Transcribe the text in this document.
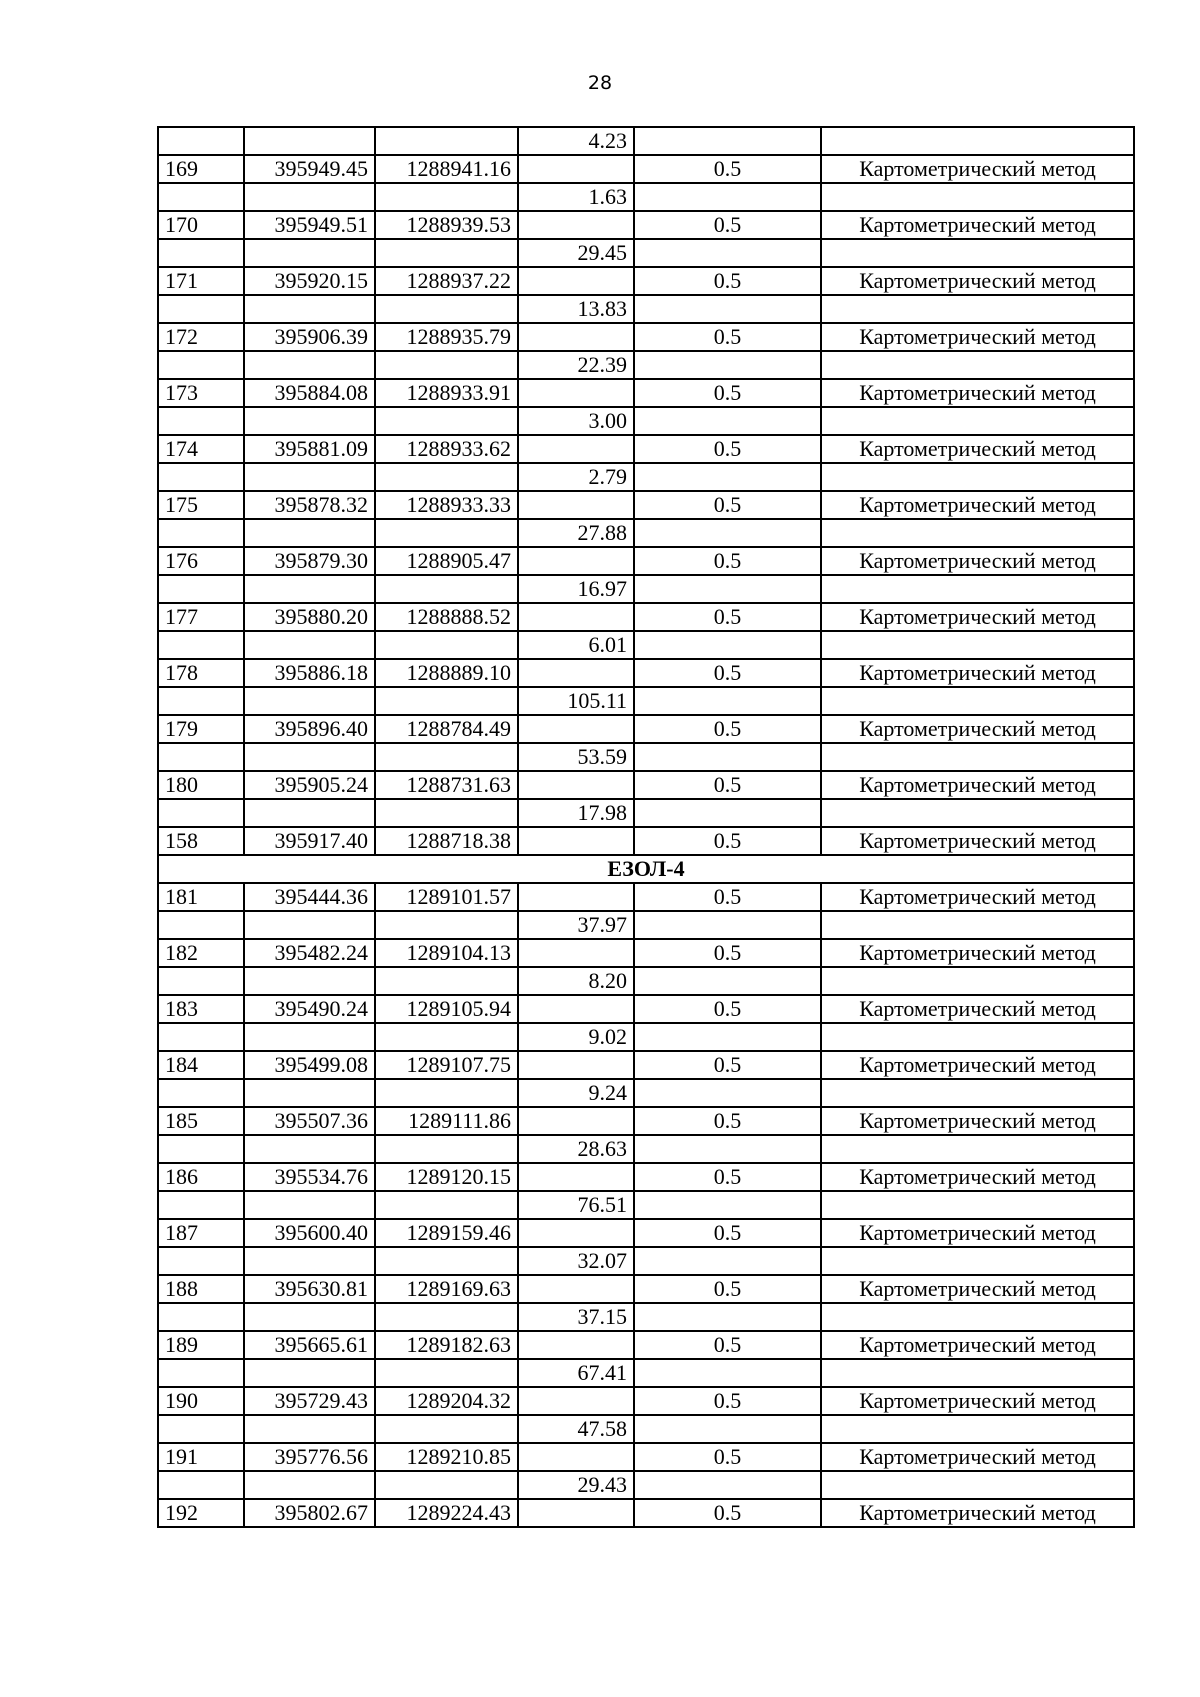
28
			4.23		
169	395949.45	1288941.16		0.5	Картометрический метод
			1.63		
170	395949.51	1288939.53		0.5	Картометрический метод
			29.45		
171	395920.15	1288937.22		0.5	Картометрический метод
			13.83		
172	395906.39	1288935.79		0.5	Картометрический метод
			22.39		
173	395884.08	1288933.91		0.5	Картометрический метод
			3.00		
174	395881.09	1288933.62		0.5	Картометрический метод
			2.79		
175	395878.32	1288933.33		0.5	Картометрический метод
			27.88		
176	395879.30	1288905.47		0.5	Картометрический метод
			16.97		
177	395880.20	1288888.52		0.5	Картометрический метод
			6.01		
178	395886.18	1288889.10		0.5	Картометрический метод
			105.11		
179	395896.40	1288784.49		0.5	Картометрический метод
			53.59		
180	395905.24	1288731.63		0.5	Картометрический метод
			17.98		
158	395917.40	1288718.38		0.5	Картометрический метод
ЕЗОЛ-4					
181	395444.36	1289101.57		0.5	Картометрический метод
			37.97		
182	395482.24	1289104.13		0.5	Картометрический метод
			8.20		
183	395490.24	1289105.94		0.5	Картометрический метод
			9.02		
184	395499.08	1289107.75		0.5	Картометрический метод
			9.24		
185	395507.36	1289111.86		0.5	Картометрический метод
			28.63		
186	395534.76	1289120.15		0.5	Картометрический метод
			76.51		
187	395600.40	1289159.46		0.5	Картометрический метод
			32.07		
188	395630.81	1289169.63		0.5	Картометрический метод
			37.15		
189	395665.61	1289182.63		0.5	Картометрический метод
			67.41		
190	395729.43	1289204.32		0.5	Картометрический метод
			47.58		
191	395776.56	1289210.85		0.5	Картометрический метод
			29.43		
192	395802.67	1289224.43		0.5	Картометрический метод
